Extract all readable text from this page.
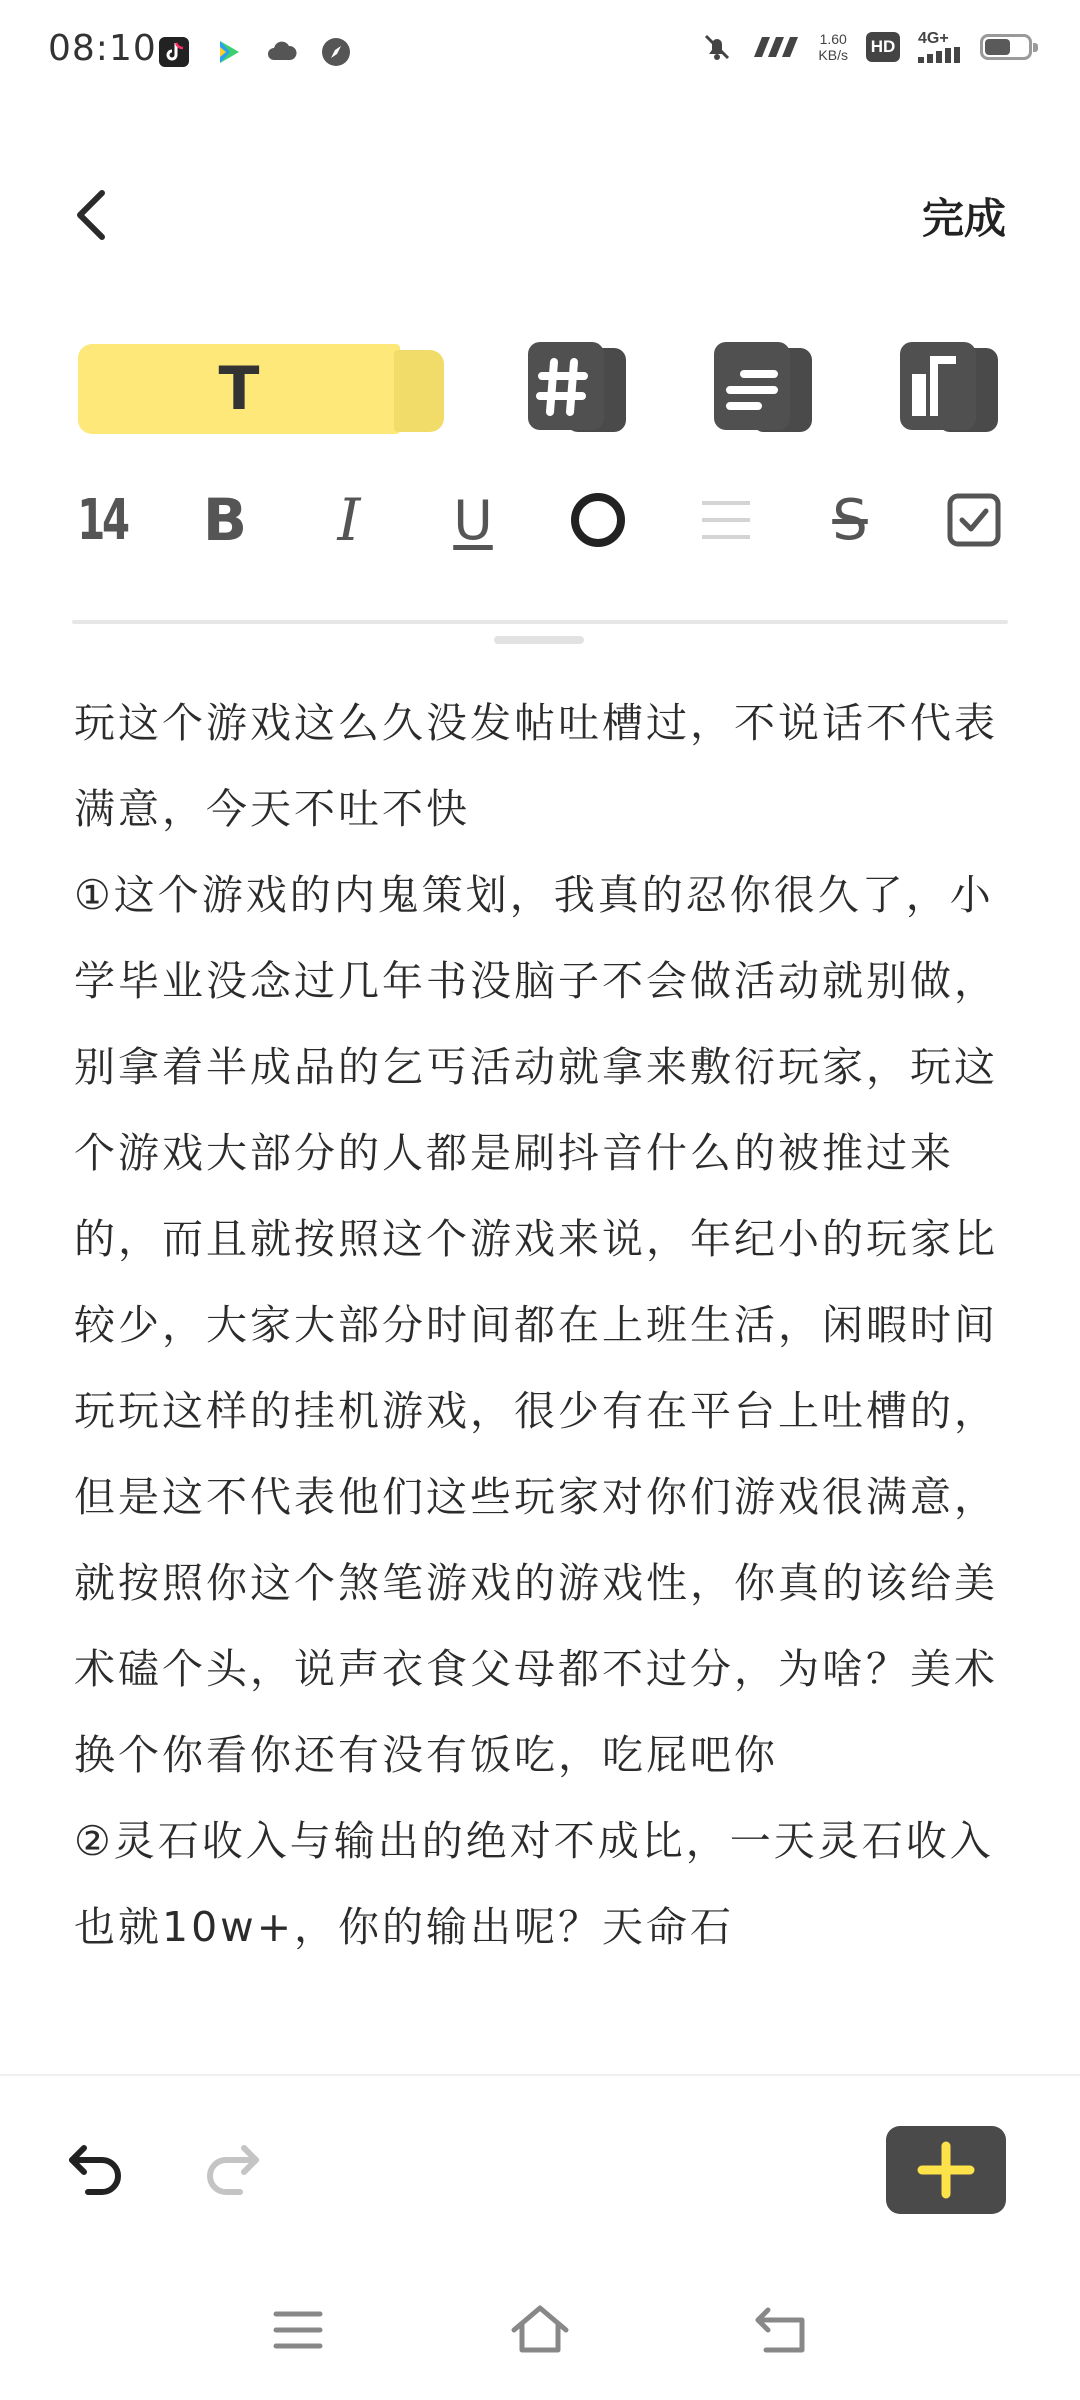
08:10	1.60
KB/s HD 4G+
完成
T
14 B I U	S

玩这个游戏这么久没发帖吐槽过，不说话不代表满意，今天不吐不快

①这个游戏的内鬼策划，我真的忍你很久了，小学毕业没念过几年书没脑子不会做活动就别做，别拿着半成品的乞丐活动就拿来敷衍玩家，玩这个游戏大部分的人都是刷抖音什么的被推过来的，而且就按照这个游戏来说，年纪小的玩家比较少，大家大部分时间都在上班生活，闲暇时间玩玩这样的挂机游戏，很少有在平台上吐槽的，但是这不代表他们这些玩家对你们游戏很满意，就按照你这个煞笔游戏的游戏性，你真的该给美术磕个头，说声衣食父母都不过分，为啥？美术换个你看你还有没有饭吃，吃屁吧你

②灵石收入与输出的绝对不成比，一天灵石收入也就10w+，你的输出呢？天命石
